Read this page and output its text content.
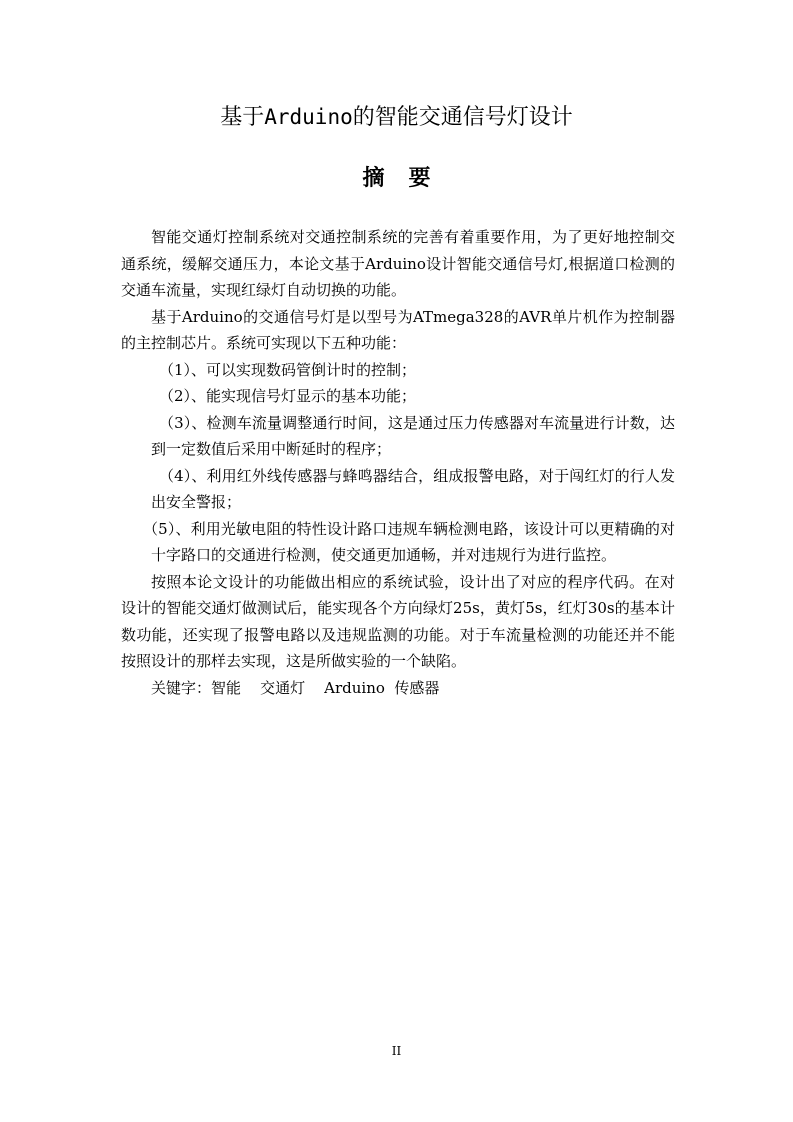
基于Arduino的智能交通信号灯设计
摘要

智能交通灯控制系统对交通控制系统的完善有着重要作用，为了更好地控制交通系统，缓解交通压力，本论文基于Arduino设计智能交通信号灯,根据道口检测的交通车流量，实现红绿灯自动切换的功能。

基于Arduino的交通信号灯是以型号为ATmega328的AVR单片机作为控制器的主控制芯片。系统可实现以下五种功能：

（1）、可以实现数码管倒计时的控制；

（2）、能实现信号灯显示的基本功能；

（3）、检测车流量调整通行时间，这是通过压力传感器对车流量进行计数，达到一定数值后采用中断延时的程序；

（4）、利用红外线传感器与蜂鸣器结合，组成报警电路，对于闯红灯的行人发出安全警报；

（5）、利用光敏电阻的特性设计路口违规车辆检测电路，该设计可以更精确的对十字路口的交通进行检测，使交通更加通畅，并对违规行为进行监控。

按照本论文设计的功能做出相应的系统试验，设计出了对应的程序代码。在对设计的智能交通灯做测试后，能实现各个方向绿灯25s，黄灯5s，红灯30s的基本计数功能，还实现了报警电路以及违规监测的功能。对于车流量检测的功能还并不能按照设计的那样去实现，这是所做实验的一个缺陷。

关键字：智能    交通灯    Arduino  传感器

II
